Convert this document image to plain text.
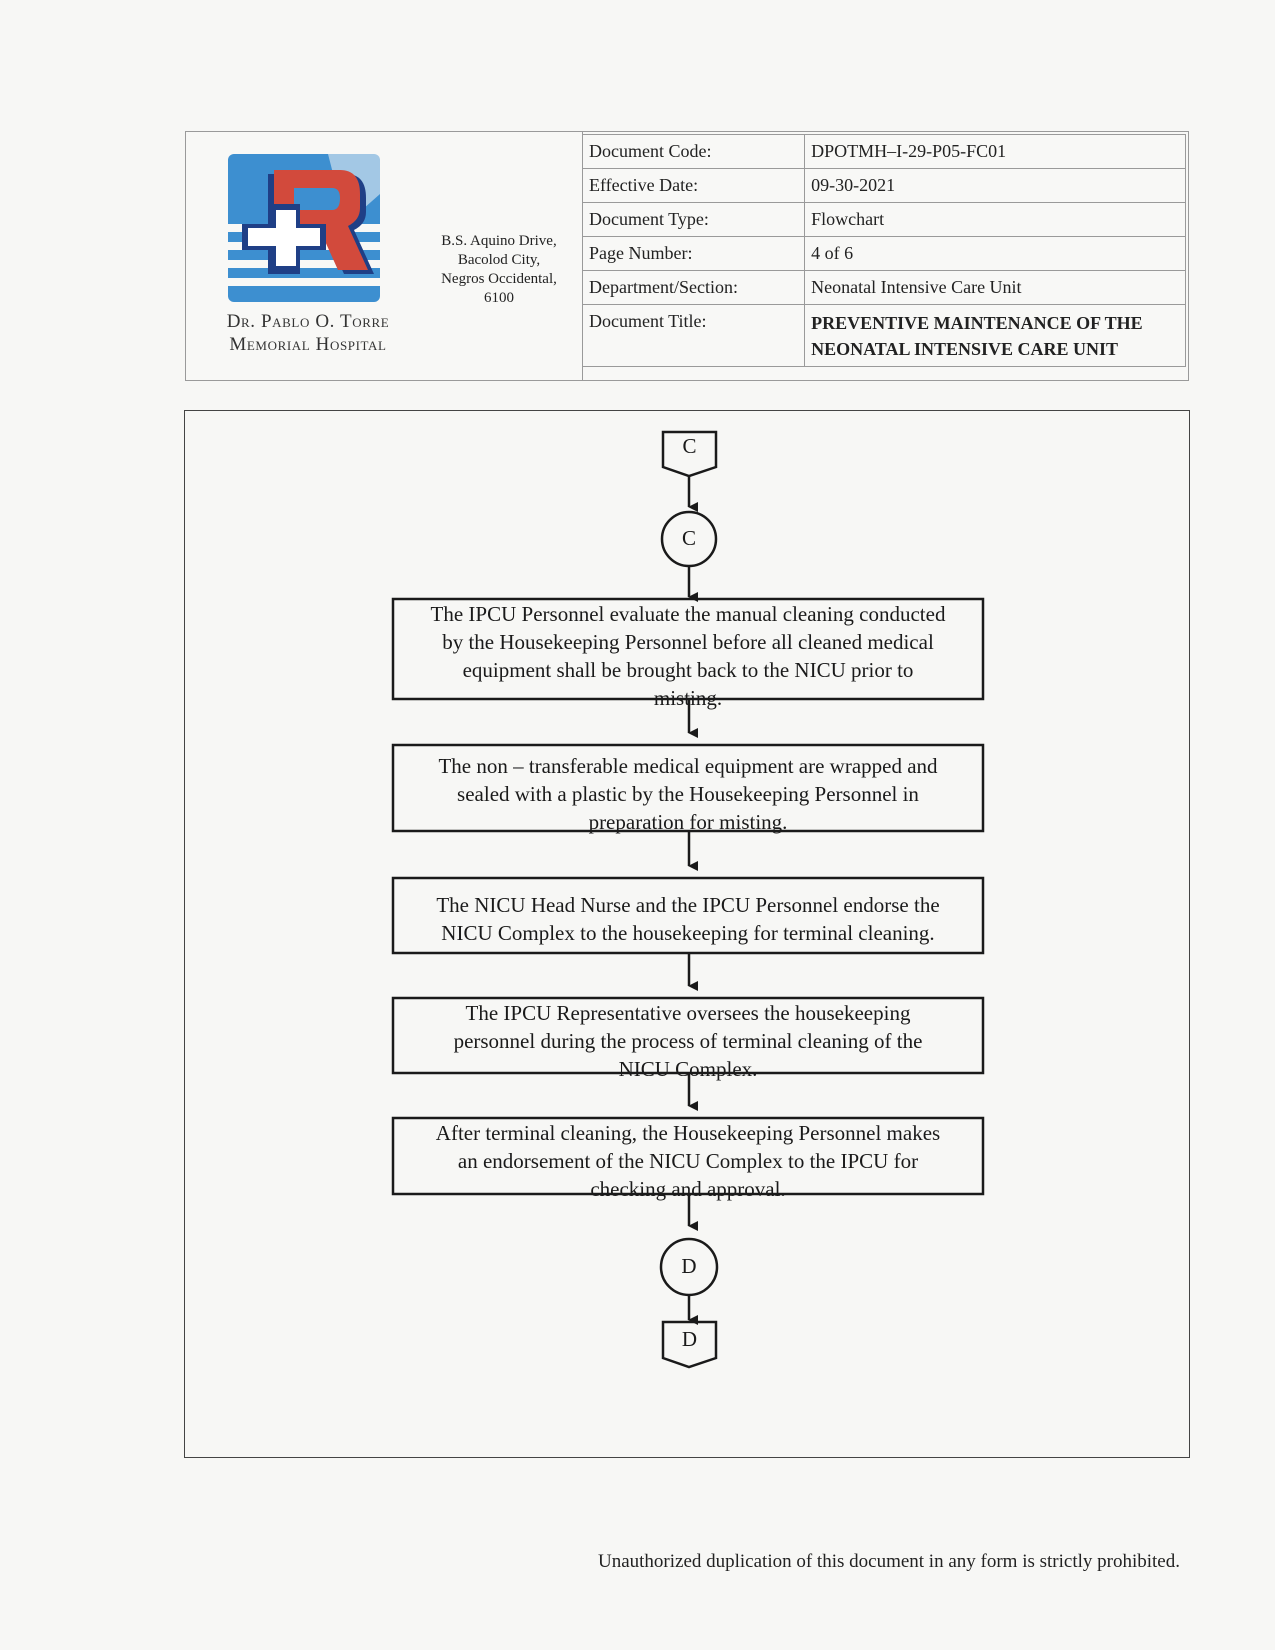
Dr. Pablo O. Torre
Memorial Hospital
B.S. Aquino Drive,
Bacolod City,
Negros Occidental,
6100
Document Code:	DPOTMH–I-29-P05-FC01
Effective Date:	09-30-2021
Document Type:	Flowchart
Page Number:	4 of 6
Department/Section:	Neonatal Intensive Care Unit
Document Title:	PREVENTIVE MAINTENANCE OF THE
NEONATAL INTENSIVE CARE UNIT
C
C
The IPCU Personnel evaluate the manual cleaning conducted
by the Housekeeping Personnel before all cleaned medical
equipment shall be brought back to the NICU prior to
misting.
The non – transferable medical equipment are wrapped and
sealed with a plastic by the Housekeeping Personnel in
preparation for misting.
The NICU Head Nurse and the IPCU Personnel endorse the
NICU Complex to the housekeeping for terminal cleaning.
The IPCU Representative oversees the housekeeping
personnel during the process of terminal cleaning of the
NICU Complex.
After terminal cleaning, the Housekeeping Personnel makes
an endorsement of the NICU Complex to the IPCU for
checking and approval.
D
D
Unauthorized duplication of this document in any form is strictly prohibited.
